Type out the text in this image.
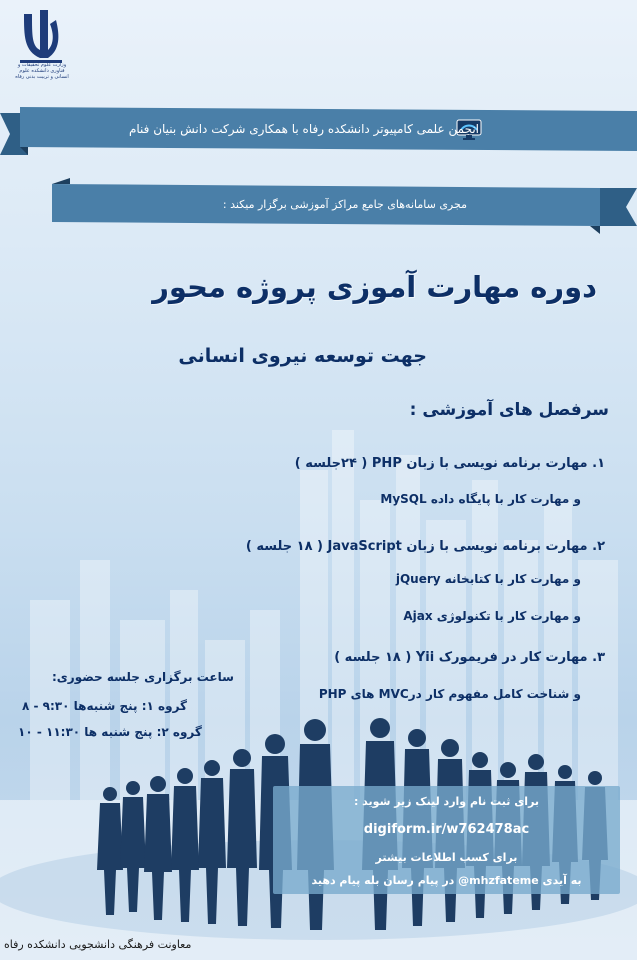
وزارت علوم تحقیقات و فناوری دانشکده علوم انسانی و تربیت بدنی رفاه
انجمن علمی کامپیوتر دانشکده رفاه با همکاری شرکت دانش بنیان فنام
مجری سامانه‌های جامع مراکز آموزشی برگزار میکند :
دوره مهارت آموزی پروژه محور
جهت توسعه نیروی انسانی
سرفصل های آموزشی :
۱. مهارت برنامه نویسی با زبان PHP ( ۲۴جلسه )
و مهارت کار با پایگاه داده MySQL
۲. مهارت برنامه نویسی با زبان JavaScript ( ۱۸ جلسه )
و مهارت کار با کتابخانه jQuery
و مهارت کار با تکنولوژی Ajax
۳. مهارت کار در فریمورک Yii ( ۱۸ جلسه )
و شناخت کامل مفهوم کار درMVC های PHP
ساعت برگزاری جلسه حضوری:
گروه ۱: پنج شنبه‌ها ۹:۳۰ - ۸
گروه ۲: پنج شنبه ها ۱۱:۳۰ - ۱۰
برای ثبت نام وارد لینک زیر شوید :
digiform.ir/w762478ac
برای کسب اطلاعات بیشتر
به آیدی mhzfateme@ در پیام رسان بله پیام دهید
معاونت فرهنگی دانشجویی دانشکده رفاه
